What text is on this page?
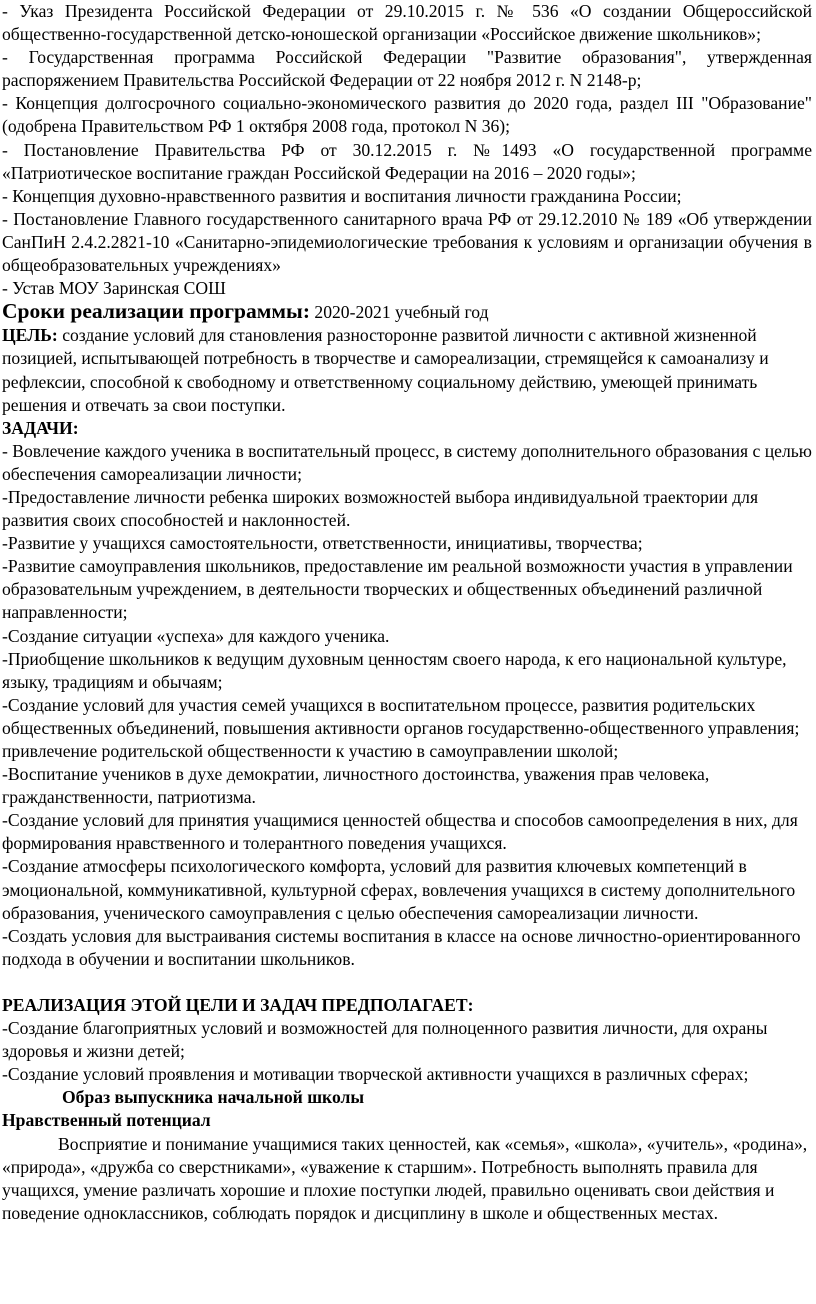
- Указ Президента Российской Федерации от 29.10.2015 г. № 536 «О создании Общероссийской общественно-государственной детско-юношеской организации «Российское движение школьников»;

- Государственная программа Российской Федерации "Развитие образования", утвержденная распоряжением Правительства Российской Федерации от 22 ноября 2012 г. N 2148-р;

- Концепция долгосрочного социально-экономического развития до 2020 года, раздел III "Образование" (одобрена Правительством РФ 1 октября 2008 года, протокол N 36);

- Постановление Правительства РФ от 30.12.2015 г. №1493 «О государственной программе «Патриотическое воспитание граждан Российской Федерации на 2016 – 2020 годы»;

- Концепция духовно-нравственного развития и воспитания личности гражданина России;

- Постановление Главного государственного санитарного врача РФ от 29.12.2010 № 189 «Об утверждении СанПиН 2.4.2.2821-10 «Санитарно-эпидемиологические требования к условиям и организации обучения в общеобразовательных учреждениях»

- Устав МОУ Заринская СОШ

Сроки реализации программы: 2020-2021 учебный год

ЦЕЛЬ: создание условий для становления разносторонне развитой личности с активной жизненной позицией, испытывающей потребность в творчестве и самореализации, стремящейся к самоанализу и рефлексии, способной к свободному и ответственному социальному действию, умеющей принимать решения и отвечать за свои поступки.

ЗАДАЧИ:

- Вовлечение каждого ученика в воспитательный процесс, в систему дополнительного образования с целью обеспечения самореализации личности;

-Предоставление личности ребенка широких возможностей выбора индивидуальной траектории для развития своих способностей и наклонностей.

-Развитие у учащихся самостоятельности, ответственности, инициативы, творчества;

-Развитие самоуправления школьников, предоставление им реальной возможности участия в управлении образовательным учреждением, в деятельности творческих и общественных объединений различной направленности;

-Создание ситуации «успеха» для каждого ученика.

-Приобщение школьников к ведущим духовным ценностям своего народа, к его национальной культуре, языку, традициям и обычаям;

-Создание условий для участия семей учащихся в воспитательном процессе, развития родительских общественных объединений, повышения активности органов государственно-общественного управления; привлечение родительской общественности к участию в самоуправлении школой;

-Воспитание учеников в духе демократии, личностного достоинства, уважения прав человека, гражданственности, патриотизма.

-Создание условий для принятия учащимися ценностей общества и способов самоопределения в них, для формирования нравственного и толерантного поведения учащихся.

-Создание атмосферы психологического комфорта, условий для развития ключевых компетенций в эмоциональной, коммуникативной, культурной сферах, вовлечения учащихся в систему дополнительного образования, ученического самоуправления с целью обеспечения самореализации личности.

-Создать условия для выстраивания системы воспитания в классе на основе личностно-ориентированного подхода в обучении и воспитании школьников.

РЕАЛИЗАЦИЯ ЭТОЙ ЦЕЛИ И ЗАДАЧ ПРЕДПОЛАГАЕТ:

-Создание благоприятных условий и возможностей для полноценного развития личности, для охраны здоровья и жизни детей;

-Создание условий проявления и мотивации творческой активности учащихся в различных сферах;

Образ выпускника начальной школы

Нравственный потенциал

Восприятие и понимание учащимися таких ценностей, как «семья», «школа», «учитель», «родина», «природа», «дружба со сверстниками», «уважение к старшим». Потребность выполнять правила для учащихся, умение различать хорошие и плохие поступки людей, правильно оценивать свои действия и поведение одноклассников, соблюдать порядок и дисциплину в школе и общественных местах.
